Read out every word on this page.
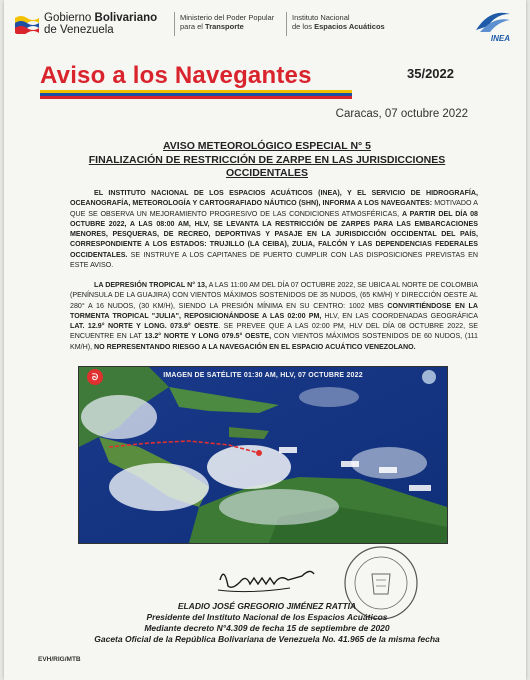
Gobierno Bolivariano
de Venezuela
Ministerio del Poder Popular
para el Transporte
Instituto Nacional
de los Espacios Acuáticos
INEA
Aviso a los Navegantes	35/2022
Caracas, 07 octubre 2022
AVISO METEOROLÓGICO ESPECIAL N° 5
FINALIZACIÓN DE RESTRICCIÓN DE ZARPE EN LAS JURISDICCIONES
OCCIDENTALES
EL INSTITUTO NACIONAL DE LOS ESPACIOS ACUÁTICOS (INEA), Y EL SERVICIO DE HIDROGRAFÍA, OCEANOGRAFÍA, METEOROLOGÍA Y CARTOGRAFIADO NÁUTICO (SHN), INFORMA A LOS NAVEGANTES: MOTIVADO A QUE SE OBSERVA UN MEJORAMIENTO PROGRESIVO DE LAS CONDICIONES ATMOSFÉRICAS, A PARTIR DEL DÍA 08 OCTUBRE 2022, A LAS 08:00 AM, HLV, SE LEVANTA LA RESTRICCIÓN DE ZARPES PARA LAS EMBARCACIONES MENORES, PESQUERAS, DE RECREO, DEPORTIVAS Y PASAJE EN LA JURISDICCIÓN OCCIDENTAL DEL PAÍS, CORRESPONDIENTE A LOS ESTADOS: TRUJILLO (LA CEIBA), ZULIA, FALCÓN Y LAS DEPENDENCIAS FEDERALES OCCIDENTALES. SE INSTRUYE A LOS CAPITANES DE PUERTO CUMPLIR CON LAS DISPOSICIONES PREVISTAS EN ESTE AVISO.
LA DEPRESIÓN TROPICAL N° 13, A LAS 11:00 AM DEL DÍA 07 OCTUBRE 2022, SE UBICA AL NORTE DE COLOMBIA (PENÍNSULA DE LA GUAJIRA) CON VIENTOS MÁXIMOS SOSTENIDOS DE 35 NUDOS, (65 KM/H) Y DIRECCIÓN OESTE AL 280° A 16 NUDOS, (30 KM/H), SIENDO LA PRESIÓN MÍNIMA EN SU CENTRO: 1002 MBS CONVIRTIÉNDOSE EN LA TORMENTA TROPICAL "JULIA", REPOSICIONÁNDOSE A LAS 02:00 PM, HLV, EN LAS COORDENADAS GEOGRÁFICA LAT. 12.9° NORTE Y LONG. 073.9° OESTE. SE PREVEE QUE A LAS 02:00 PM, HLV DEL DÍA 08 OCTUBRE 2022, SE ENCUENTRE EN LAT 13.2° NORTE Y LONG 079.5° OESTE, CON VIENTOS MÁXIMOS SOSTENIDOS DE 60 NUDOS, (111 KM/H), NO REPRESENTANDO RIESGO A LA NAVEGACIÓN EN EL ESPACIO ACUÁTICO VENEZOLANO.
ᘐ	IMAGEN DE SATÉLITE 01:30 AM, HLV, 07 OCTUBRE 2022
ELADIO JOSÉ GREGORIO JIMÉNEZ RATTIA
Presidente del Instituto Nacional de los Espacios Acuáticos
Mediante decreto N°4.309 de fecha 15 de septiembre de 2020
Gaceta Oficial de la República Bolivariana de Venezuela No. 41.965 de la misma fecha
EVH/RIG/MTB
